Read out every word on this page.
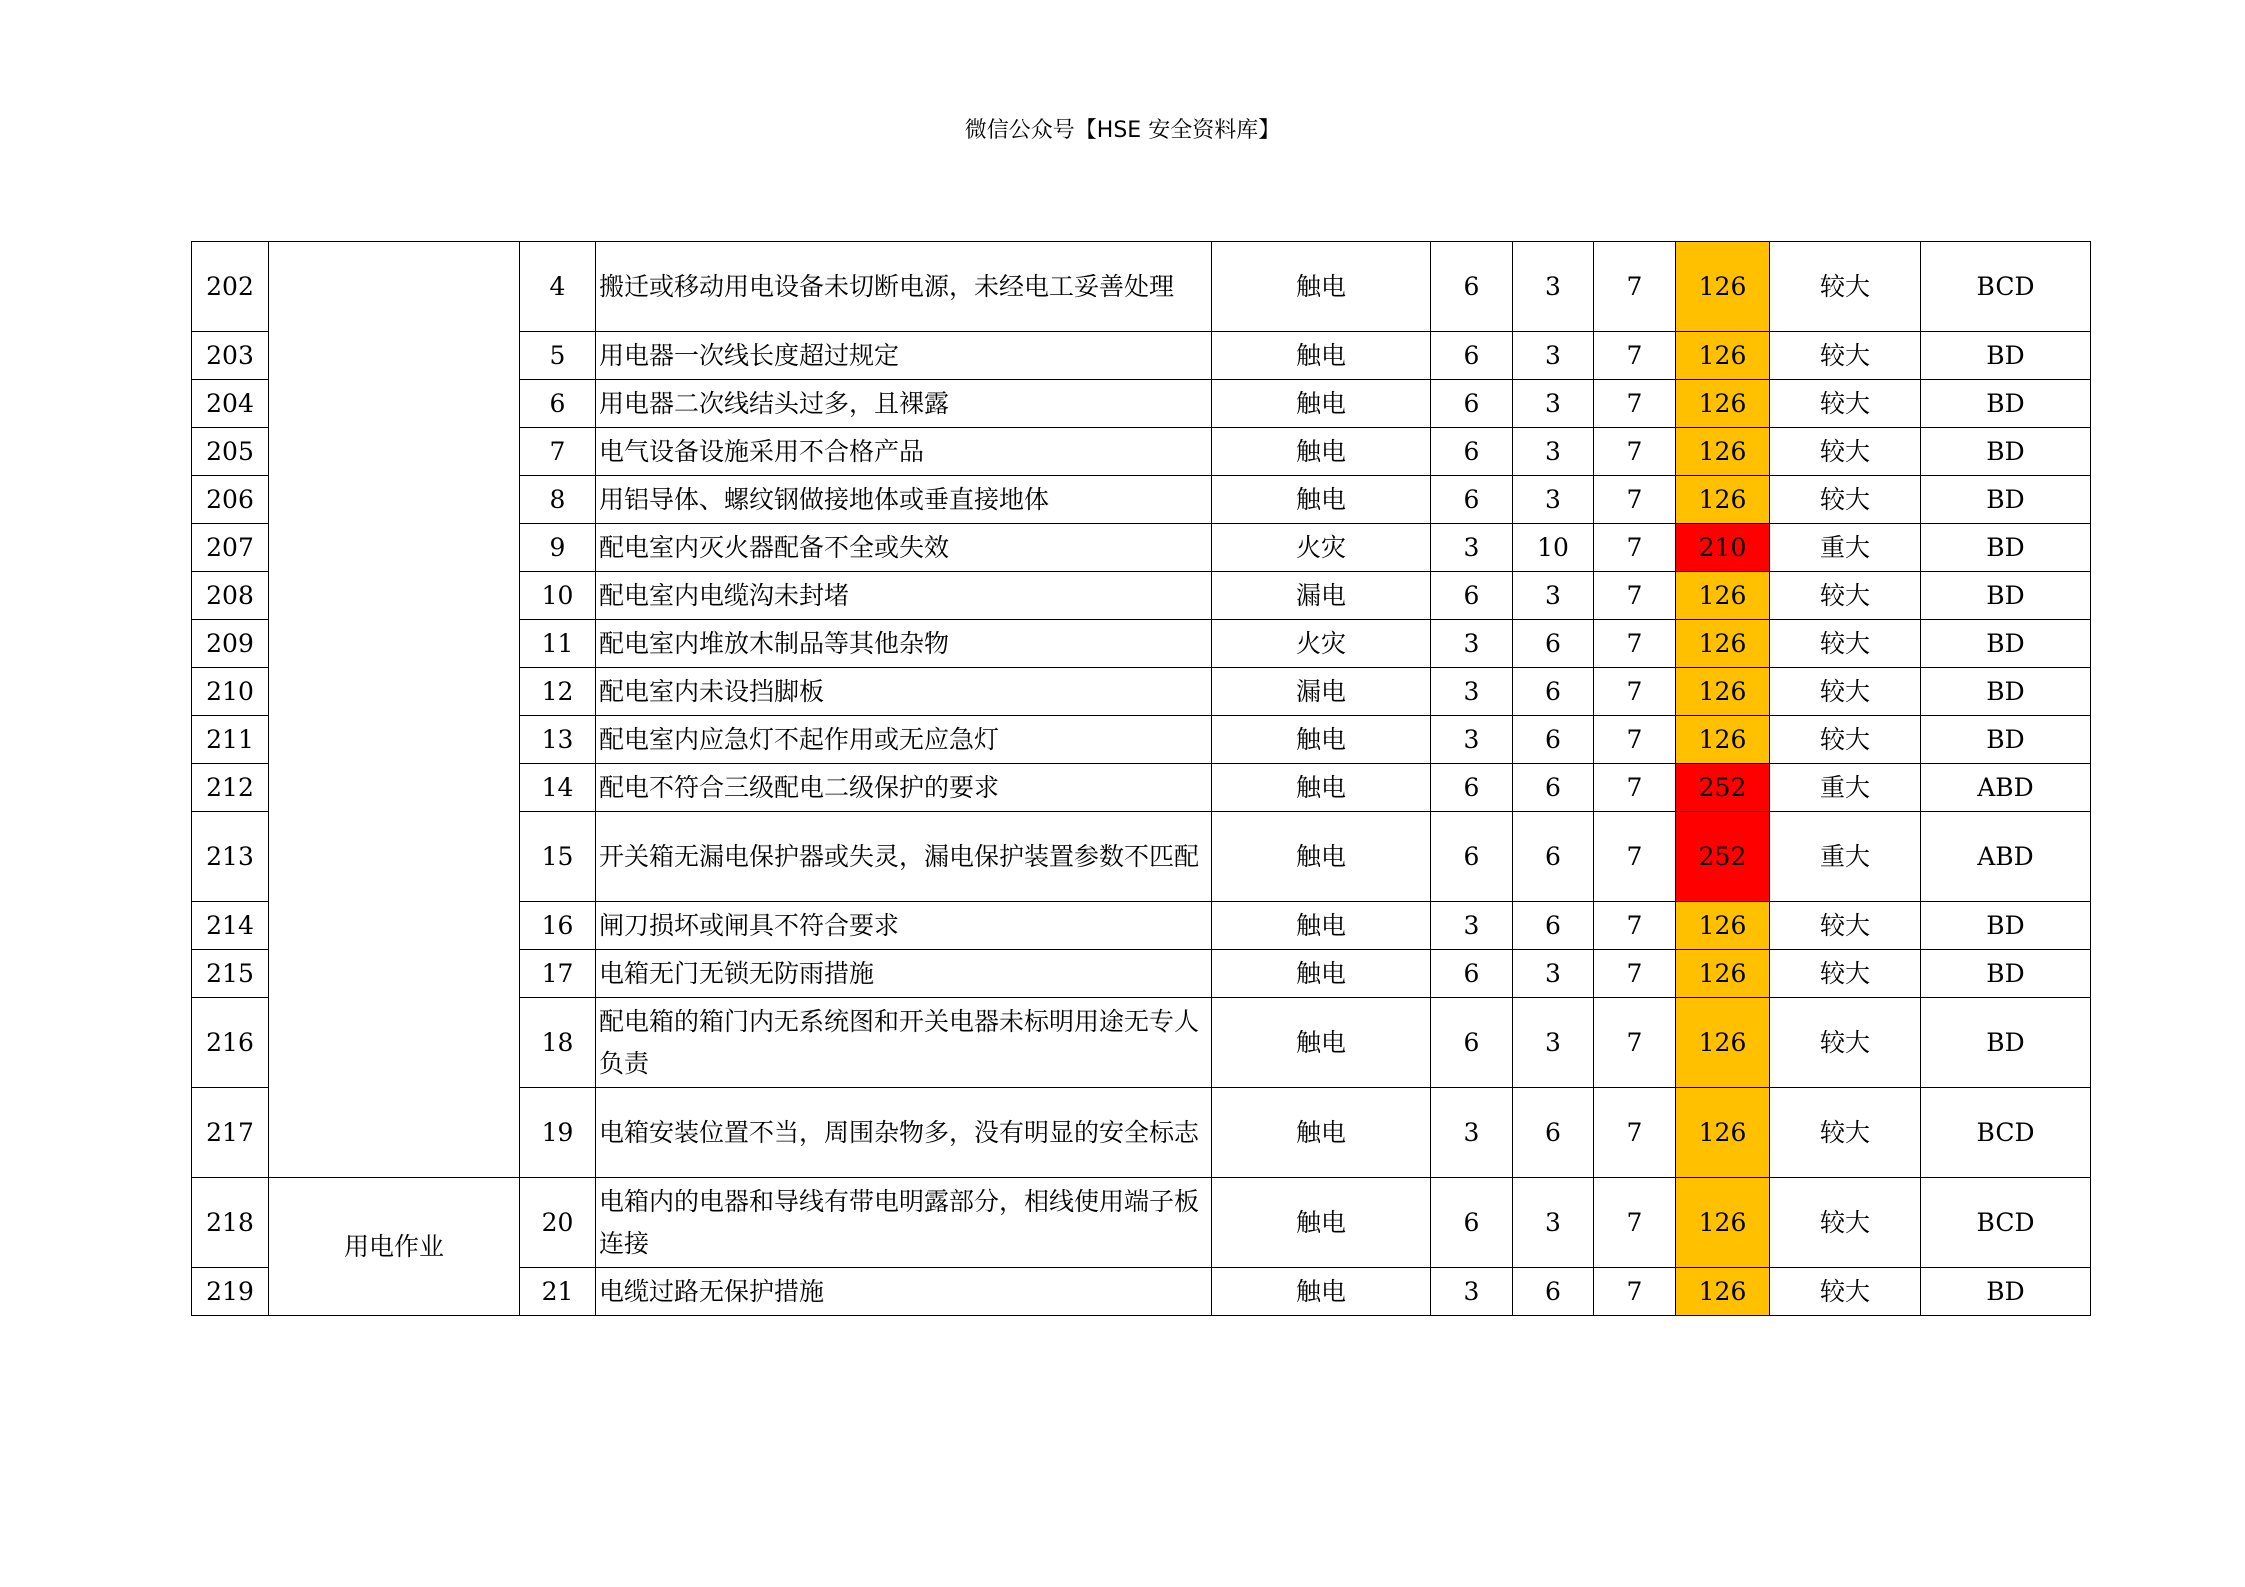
微信公众号【HSE 安全资料库】
202		4	搬迁或移动用电设备未切断电源，未经电工妥善处理	触电	6	3	7	126	较大	BCD
203		5	用电器一次线长度超过规定	触电	6	3	7	126	较大	BD
204		6	用电器二次线结头过多，且裸露	触电	6	3	7	126	较大	BD
205		7	电气设备设施采用不合格产品	触电	6	3	7	126	较大	BD
206		8	用铝导体、螺纹钢做接地体或垂直接地体	触电	6	3	7	126	较大	BD
207		9	配电室内灭火器配备不全或失效	火灾	3	10	7	210	重大	BD
208		10	配电室内电缆沟未封堵	漏电	6	3	7	126	较大	BD
209		11	配电室内堆放木制品等其他杂物	火灾	3	6	7	126	较大	BD
210		12	配电室内未设挡脚板	漏电	3	6	7	126	较大	BD
211		13	配电室内应急灯不起作用或无应急灯	触电	3	6	7	126	较大	BD
212		14	配电不符合三级配电二级保护的要求	触电	6	6	7	252	重大	ABD
213		15	开关箱无漏电保护器或失灵，漏电保护装置参数不匹配	触电	6	6	7	252	重大	ABD
214		16	闸刀损坏或闸具不符合要求	触电	3	6	7	126	较大	BD
215		17	电箱无门无锁无防雨措施	触电	6	3	7	126	较大	BD
216		18	配电箱的箱门内无系统图和开关电器未标明用途无专人负责	触电	6	3	7	126	较大	BD
217		19	电箱安装位置不当，周围杂物多，没有明显的安全标志	触电	3	6	7	126	较大	BCD
218	用电作业	20	电箱内的电器和导线有带电明露部分，相线使用端子板连接	触电	6	3	7	126	较大	BCD
219		21	电缆过路无保护措施	触电	3	6	7	126	较大	BD
